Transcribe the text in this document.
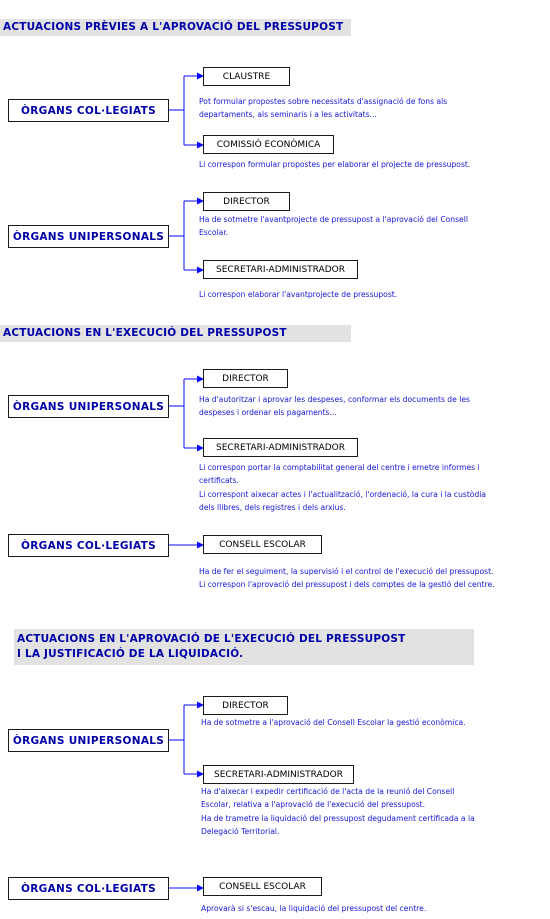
ACTUACIONS PRÈVIES A L'APROVACIÓ DEL PRESSUPOST
ÒRGANS COL·LEGIATS
CLAUSTRE

Pot formular propostes sobre necessitats d'assignació de fons als
departaments, als seminaris i a les activitats...

COMISSIÓ ECONÒMICA

Li correspon formular propostes per elaborar el projecte de pressupost.

ÒRGANS UNIPERSONALS
DIRECTOR

Ha de sotmetre l'avantprojecte de pressupost a l'aprovació del Consell
Escolar.

SECRETARI-ADMINISTRADOR

Li correspon elaborar l'avantprojecte de pressupost.

ACTUACIONS EN L'EXECUCIÓ DEL PRESSUPOST
ÒRGANS UNIPERSONALS
DIRECTOR

Ha d'autoritzar i aprovar les despeses, conformar els documents de les
despeses i ordenar els pagaments...

SECRETARI-ADMINISTRADOR

Li correspon portar la comptabilitat general del centre i emetre informes i
certificats.
Li correspont aixecar actes i l'actualització, l'ordenació, la cura i la custòdia
dels llibres, dels registres i dels arxius.

ÒRGANS COL·LEGIATS	CONSELL ESCOLAR

Ha de fer el seguiment, la supervisió i el control de l'execució del pressupost.
Li correspon l'aprovació del pressupost i dels comptes de la gestió del centre.

ACTUACIONS EN L'APROVACIÓ DE L'EXECUCIÓ DEL PRESSUPOST
I LA JUSTIFICACIÓ DE LA LIQUIDACIÓ.
ÒRGANS UNIPERSONALS
DIRECTOR

Ha de sotmetre a l'aprovació del Consell Escolar la gestió econòmica.

SECRETARI-ADMINISTRADOR

Ha d'aixecar i expedir certificació de l'acta de la reunió del Consell
Escolar, relativa a l'aprovació de l'execució del pressupost.
Ha de trametre la liquidació del pressupost degudament certificada a la
Delegació Territorial.

ÒRGANS COL·LEGIATS	CONSELL ESCOLAR

Aprovarà si s'escau, la liquidació del pressupost del centre.
